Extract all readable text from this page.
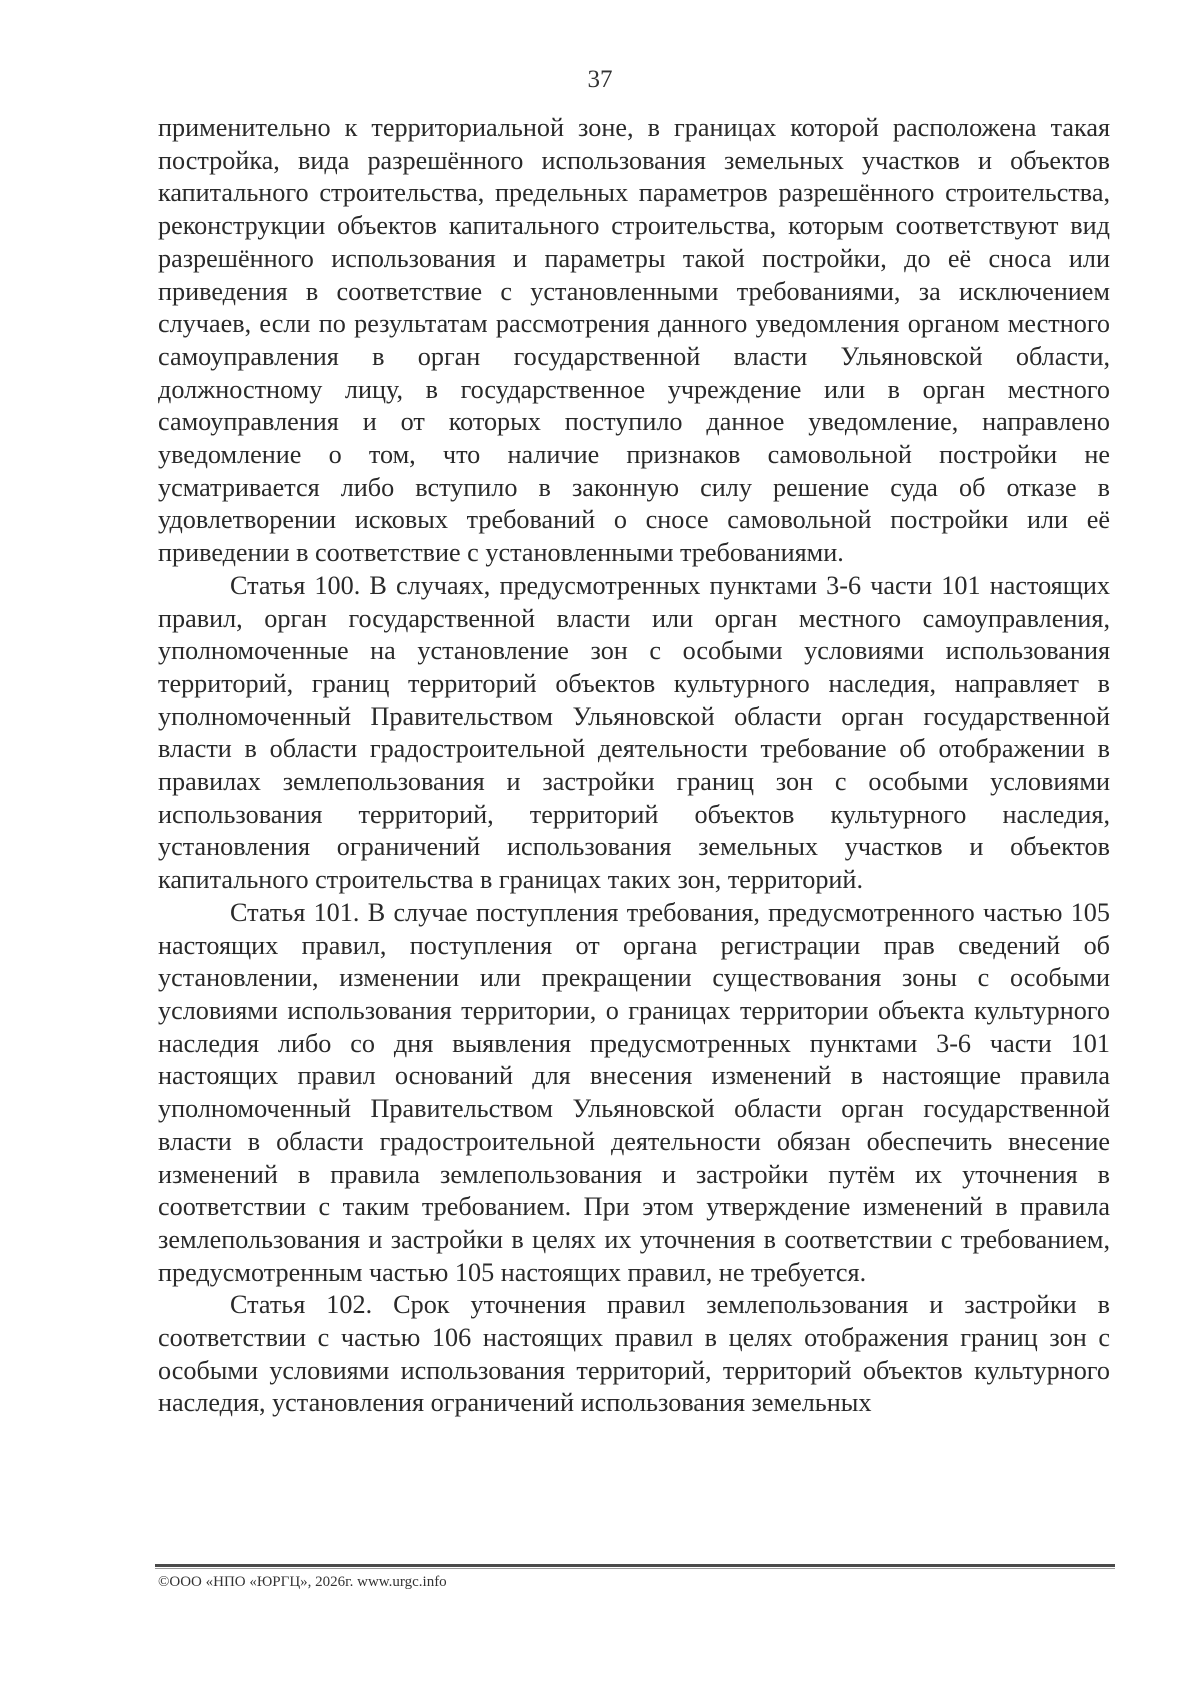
37

применительно к территориальной зоне, в границах которой расположена такая постройка, вида разрешённого использования земельных участков и объектов капитального строительства, предельных параметров разрешённого строительства, реконструкции объектов капитального строительства, которым соответствуют вид разрешённого использования и параметры такой постройки, до её сноса или приведения в соответствие с установленными требованиями, за исключением случаев, если по результатам рассмотрения данного уведомления органом местного самоуправления в орган государственной власти Ульяновской области, должностному лицу, в государственное учреждение или в орган местного самоуправления и от которых поступило данное уведомление, направлено уведомление о том, что наличие признаков самовольной постройки не усматривается либо вступило в законную силу решение суда об отказе в удовлетворении исковых требований о сносе самовольной постройки или её приведении в соответствие с установленными требованиями.

Статья 100. В случаях, предусмотренных пунктами 3-6 части 101 настоящих правил, орган государственной власти или орган местного самоуправления, уполномоченные на установление зон с особыми условиями использования территорий, границ территорий объектов культурного наследия, направляет в уполномоченный Правительством Ульяновской области орган государственной власти в области градостроительной деятельности требование об отображении в правилах землепользования и застройки границ зон с особыми условиями использования территорий, территорий объектов культурного наследия, установления ограничений использования земельных участков и объектов капитального строительства в границах таких зон, территорий.

Статья 101. В случае поступления требования, предусмотренного частью 105 настоящих правил, поступления от органа регистрации прав сведений об установлении, изменении или прекращении существования зоны с особыми условиями использования территории, о границах территории объекта культурного наследия либо со дня выявления предусмотренных пунктами 3-6 части 101 настоящих правил оснований для внесения изменений в настоящие правила уполномоченный Правительством Ульяновской области орган государственной власти в области градостроительной деятельности обязан обеспечить внесение изменений в правила землепользования и застройки путём их уточнения в соответствии с таким требованием. При этом утверждение изменений в правила землепользования и застройки в целях их уточнения в соответствии с требованием, предусмотренным частью 105 настоящих правил, не требуется.

Статья 102. Срок уточнения правил землепользования и застройки в соответствии с частью 106 настоящих правил в целях отображения границ зон с особыми условиями использования территорий, территорий объектов культурного наследия, установления ограничений использования земельных

©ООО «НПО «ЮРГЦ», 2026г. www.urgc.info
